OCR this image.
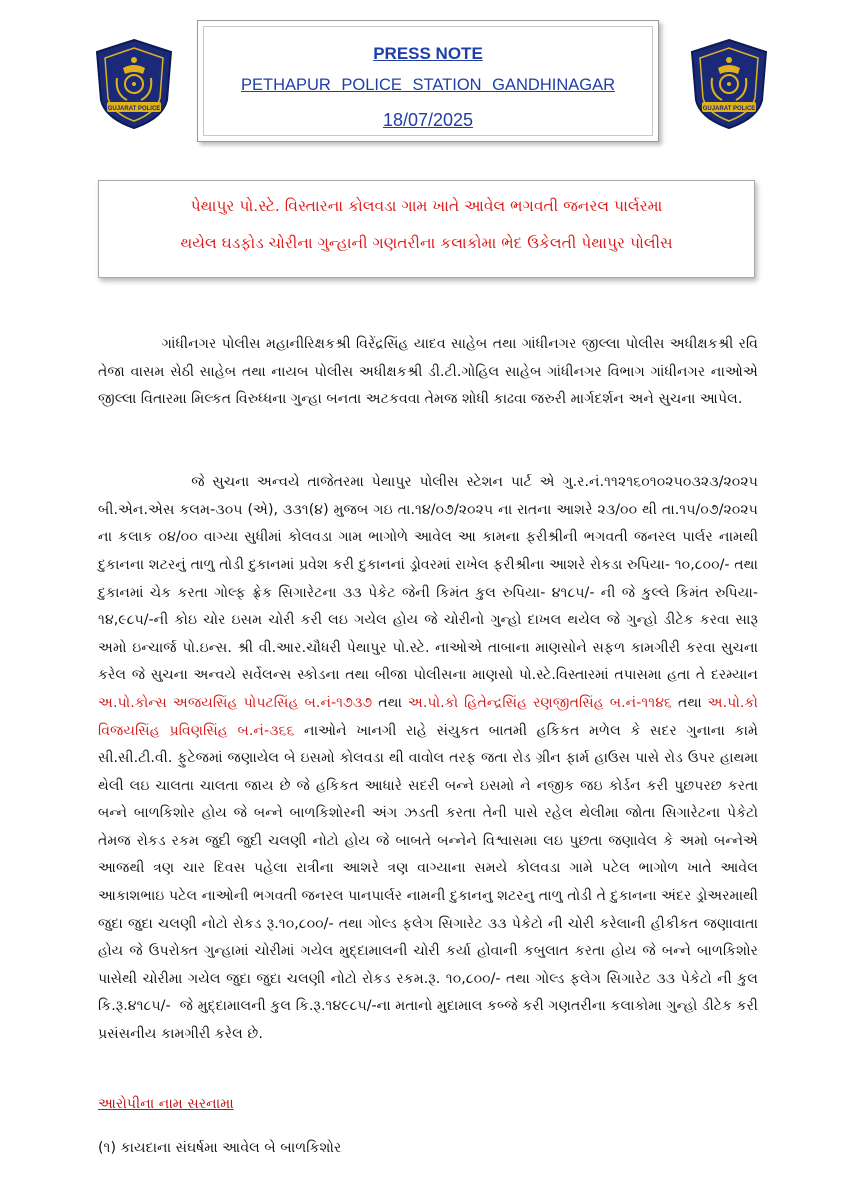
GUJARAT POLICE	GUJARAT POLICE
PRESS NOTE
PETHAPUR POLICE STATION GANDHINAGAR
18/07/2025
પેથાપુર પો.સ્ટે. વિસ્તારના કોલવડા ગામ ખાતે આવેલ ભગવતી જનરલ પાર્લરમા
થયેલ ઘડફોડ ચોરીના ગુન્હાની ગણતરીના કલાકોમા ભેદ ઉકેલતી પેથાપુર પોલીસ

ગાંધીનગર પોલીસ મહાનીરિક્ષકશ્રી વિરેંદ્રસિંહ યાદવ સાહેબ તથા ગાંધીનગર જીલ્લા પોલીસ અધીક્ષકશ્રી રવિ તેજા વાસમ સેઠી સાહેબ તથા નાયબ પોલીસ અધીક્ષકશ્રી ડી.ટી.ગોહિલ સાહેબ ગાંધીનગર વિભાગ ગાંધીનગર નાઓએ જીલ્લા વિતારમા મિલ્કત વિરુધ્ધના ગુન્હા બનતા અટકવવા તેમજ શોધી કાઢવા જરુરી માર્ગદર્શન અને સુચના આપેલ.

જે સુચના અન્વયે તાજેતરમા પેથાપુર પોલીસ સ્ટેશન પાર્ટ એ ગુ.ર.નં.૧૧૨૧૬૦૧૦૨૫૦૩૨૩/૨૦૨૫ બી.એન.એસ કલમ-૩૦૫ (એ), ૩૩૧(૪) મુજબ ગઇ તા.૧૪/૦૭/૨૦૨૫ ના રાતના આશરે ૨૩/૦૦ થી તા.૧૫/૦૭/૨૦૨૫ ના કલાક ૦૪/૦૦ વાગ્યા સુધીમાં કોલવડા ગામ ભાગોળે આવેલ આ કામના ફરીશ્રીની ભગવતી જનરલ પાર્લર નામથી દુકાનના શટરનું તાળુ તોડી દુકાનમાં પ્રવેશ કરી દુકાનનાં ડ્રોવરમાં રાખેલ ફરીશ્રીના આશરે રોકડા રુપિયા- ૧૦,૮૦૦/- તથા દુકાનમાં ચેક કરતા ગોલ્ફ ફ્રેક સિગારેટના ૩૩ પેકેટ જેની કિમંત કુલ રુપિયા- ૪૧૮૫/- ની જે કુલ્લે કિમંત રુપિયા- ૧૪,૯૮૫/-ની કોઇ ચોર ઇસમ ચોરી કરી લઇ ગયેલ હોય જે ચોરીનો ગુન્હો દાખલ થયેલ જે ગુન્હો ડીટેક કરવા સારૂ અમો ઇન્ચાર્જ પો.ઇન્સ. શ્રી વી.આર.ચૌધરી પેથાપુર પો.સ્ટે. નાઓએ તાબાના માણસોને સફળ કામગીરી કરવા સુચના કરેલ જે સુચના અન્વયે સર્વેલન્સ સ્કોડના તથા બીજા પોલીસના માણસો પો.સ્ટે.વિસ્તારમાં તપાસમા હતા તે દરમ્યાન અ.પો.કોન્સ અજયસિંહ પોપટસિંહ બ.નં-૧૭૩૭ તથા અ.પો.કો હિતેન્દ્રસિંહ રણજીતસિંહ બ.નં-૧૧૪૬ તથા અ.પો.કો વિજયસિંહ પ્રવિણસિંહ બ.નં-૩૬૬ નાઓને ખાનગી રાહે સંયુકત બાતમી હકિકત મળેલ કે સદર ગુનાના કામે સી.સી.ટી.વી. ફુટેજમાં જણાયેલ બે ઇસમો કોલવડા થી વાવોલ તરફ જતા રોડ ગ્રીન ફાર્મ હાઉસ પાસે રોડ ઉપર હાથમા થેલી લઇ ચાલતા ચાલતા જાય છે જે હકિકત આધારે સદરી બન્ને ઇસમો ને નજીક જઇ કોર્ડન કરી પુછપરછ કરતા બન્ને બાળકિશોર હોય જે બન્ને બાળકિશોરની અંગ ઝડતી કરતા તેની પાસે રહેલ થેલીમા જોતા સિગારેટના પેકેટો તેમજ રોકડ રકમ જુદી જુદી ચલણી નોટો હોય જે બાબતે બન્નેને વિશ્વાસમા લઇ પુછતા જણાવેલ કે અમો બન્નેએ આજથી ત્રણ ચાર દિવસ પહેલા રાત્રીના આશરે ત્રણ વાગ્યાના સમયે કોલવડા ગામે પટેલ ભાગોળ ખાતે આવેલ આકાશભાઇ પટેલ નાઓની ભગવતી જનરલ પાનપાર્લર નામની દુકાનનુ શટરનુ તાળુ તોડી તે દુકાનના અંદર ડ્રોઅરમાથી જુદા જુદા ચલણી નોટો રોકડ રૂ.૧૦,૮૦૦/- તથા ગોલ્ડ ફલેગ સિગારેટ ૩૩ પેકેટો ની ચોરી કરેલાની હીકીકત જણાવાતા હોય જે ઉપરોક્ત ગુન્હામાં ચોરીમાં ગયેલ મુદ્દામાલની ચોરી કર્યા હોવાની કબુલાત કરતા હોય જે બન્ને બાળકિશોર પાસેથી ચોરીમા ગયેલ જુદા જુદા ચલણી નોટો રોકડ રકમ.રૂ. ૧૦,૮૦૦/- તથા ગોલ્ડ ફલેગ સિગારેટ ૩૩ પેકેટો ની કુલ કિ.રૂ.૪૧૮૫/-  જે મુદ્દામાલની કુલ કિ.રૂ.૧૪૯૮૫/-ના મતાનો મુદામાલ કબ્જે કરી ગણતરીના કલાકોમા ગુન્હો ડીટેક કરી પ્રસંસનીય કામગીરી કરેલ છે.

આરોપીના નામ સરનામા
(૧) કાયદાના સંઘર્ષમા આવેલ બે બાળકિશોર
